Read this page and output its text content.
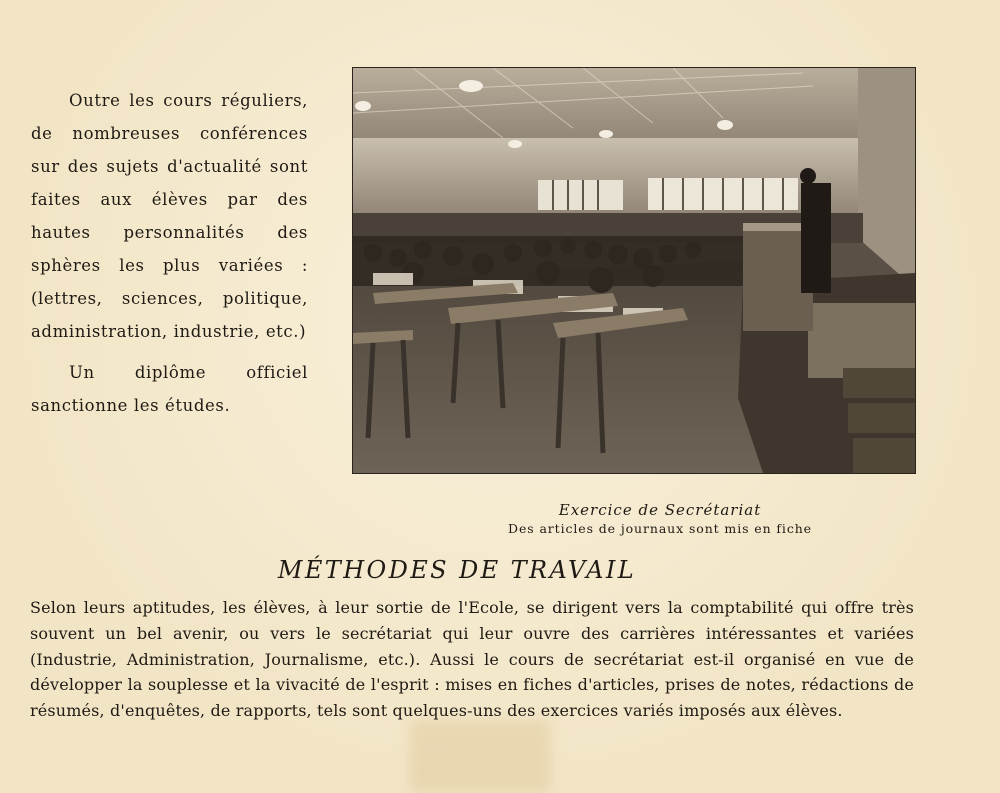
Outre les cours réguliers, de nombreuses conférences sur des sujets d'actualité sont faites aux élèves par des hautes personnalités des sphères les plus variées : (lettres, sciences, politique, administration, industrie, etc.)

Un diplôme officiel sanctionne les études.

Exercice de Secrétariat
Des articles de journaux sont mis en fiche
MÉTHODES DE TRAVAIL

Selon leurs aptitudes, les élèves, à leur sortie de l'Ecole, se dirigent vers la comptabilité qui offre très souvent un bel avenir, ou vers le secrétariat qui leur ouvre des carrières intéressantes et variées (Industrie, Administration, Journalisme, etc.). Aussi le cours de secrétariat est-il organisé en vue de développer la souplesse et la vivacité de l'esprit : mises en fiches d'articles, prises de notes, rédactions de résumés, d'enquêtes, de rapports, tels sont quelques-uns des exercices variés imposés aux élèves.
